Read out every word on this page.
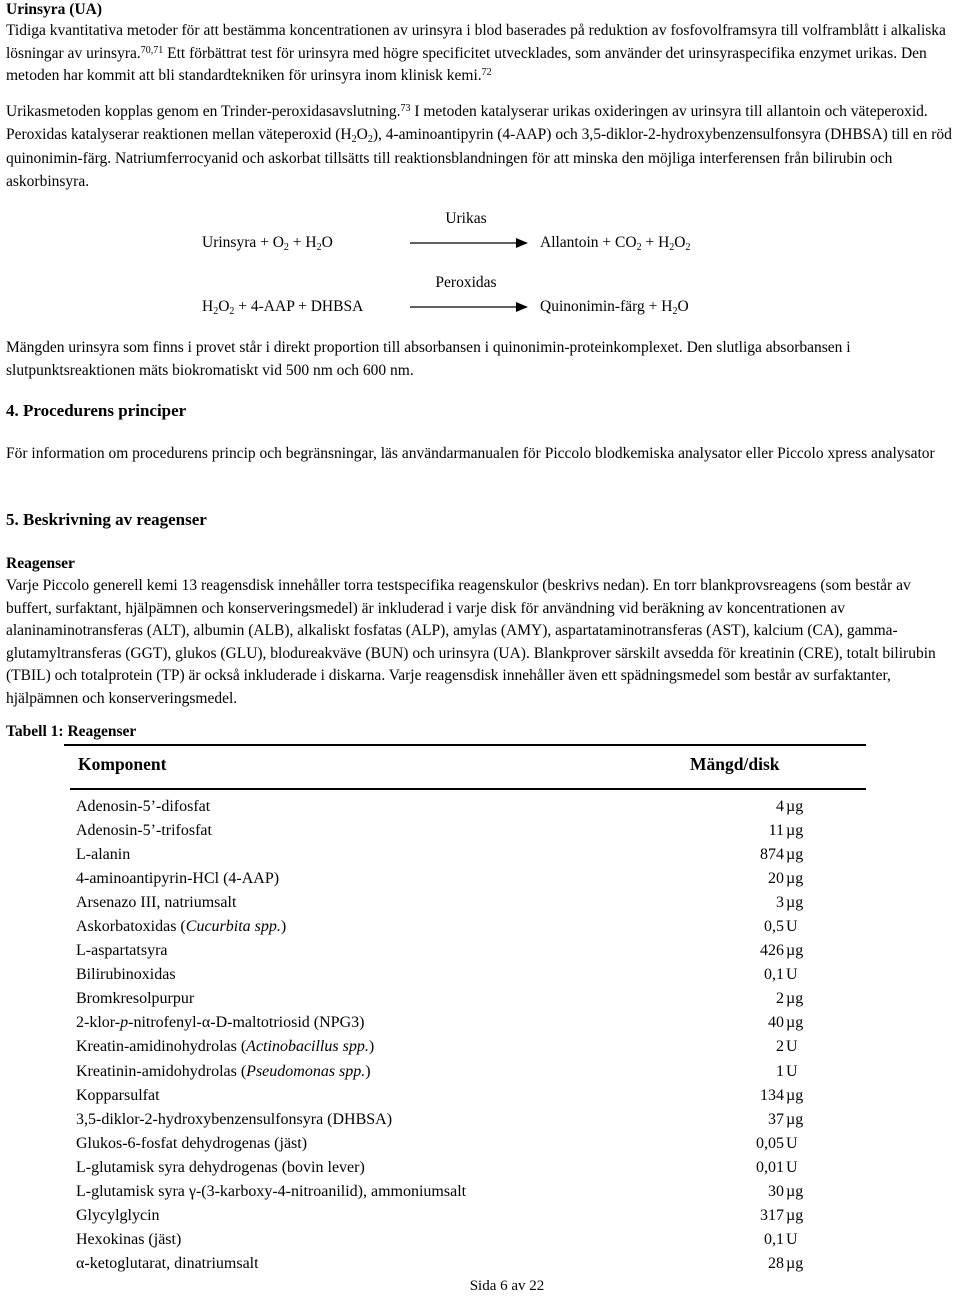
Urinsyra (UA)

Tidiga kvantitativa metoder för att bestämma koncentrationen av urinsyra i blod baserades på reduktion av fosfovolframsyra till volframblått i alkaliska lösningar av urinsyra.$^{70,71}$ Ett förbättrat test för urinsyra med högre specificitet utvecklades, som använder det urinsyraspecifika enzymet urikas. Den metoden har kommit att bli standardtekniken för urinsyra inom klinisk kemi.$^{72}$

Urikasmetoden kopplas genom en Trinder-peroxidasavslutning.$^{73}$ I metoden katalyserar urikas oxideringen av urinsyra till allantoin och väteperoxid. Peroxidas katalyserar reaktionen mellan väteperoxid $(H_2O_2)$, 4-aminoantipyrin (4-AAP) och 3,5-diklor-2-hydroxybenzensulfonsyra (DHBSA) till en röd quinonimin-färg. Natriumferrocyanid och askorbat tillsätts till reaktionsblandningen för att minska den möjliga interferensen från bilirubin och askorbinsyra.

Urinsyra + $O_2 + H_2O$
Urikas
Allantoin + $CO_2 + H_2O_2$
$H_2O_2 + 4-AAP$ + DHBSA
Peroxidas
Quinonimin-färg + $H_2O$

Mängden urinsyra som finns i provet står i direkt proportion till absorbansen i quinonimin-proteinkomplexet. Den slutliga absorbansen i slutpunktsreaktionen mäts biokromatiskt vid 500 nm och 600 nm.

4. Procedurens principer

För information om procedurens princip och begränsningar, läs användarmanualen för Piccolo blodkemiska analysator eller Piccolo xpress analysator

5. Beskrivning av reagenser
Reagenser

Varje Piccolo generell kemi 13 reagensdisk innehåller torra testspecifika reagenskulor (beskrivs nedan). En torr blankprovsreagens (som består av buffert, surfaktant, hjälpämnen och konserveringsmedel) är inkluderad i varje disk för användning vid beräkning av koncentrationen av alaninaminotransferas (ALT), albumin (ALB), alkaliskt fosfatas (ALP), amylas (AMY), aspartataminotransferas (AST), kalcium (CA), gamma-glutamyltransferas (GGT), glukos (GLU), blodureakväve (BUN) och urinsyra (UA). Blankprover särskilt avsedda för kreatinin (CRE), totalt bilirubin (TBIL) och totalprotein (TP) är också inkluderade i diskarna. Varje reagensdisk innehåller även ett spädningsmedel som består av surfaktanter, hjälpämnen och konserveringsmedel.

Tabell 1: Reagenser
Komponent	Mängd/disk
Adenosin-5’-difosfat	4 µg
Adenosin-5’-trifosfat	11 µg
L-alanin	874 µg
4-aminoantipyrin-HCl (4-AAP)	20 µg
Arsenazo III, natriumsalt	3 µg
Askorbatoxidas (Cucurbita spp.)	0,5 U
L-aspartatsyra	426 µg
Bilirubinoxidas	0,1 U
Bromkresolpurpur	2 µg
2-klor-p-nitrofenyl-α-D-maltotriosid (NPG3)	40 µg
Kreatin-amidinohydrolas (Actinobacillus spp.)	2 U
Kreatinin-amidohydrolas (Pseudomonas spp.)	1 U
Kopparsulfat	134 µg
3,5-diklor-2-hydroxybenzensulfonsyra (DHBSA)	37 µg
Glukos-6-fosfat dehydrogenas (jäst)	0,05 U
L-glutamisk syra dehydrogenas (bovin lever)	0,01 U
L-glutamisk syra γ-(3-karboxy-4-nitroanilid), ammoniumsalt	30 µg
Glycylglycin	317 µg
Hexokinas (jäst)	0,1 U
α-ketoglutarat, dinatriumsalt	28 µg
Sida 6 av 22
